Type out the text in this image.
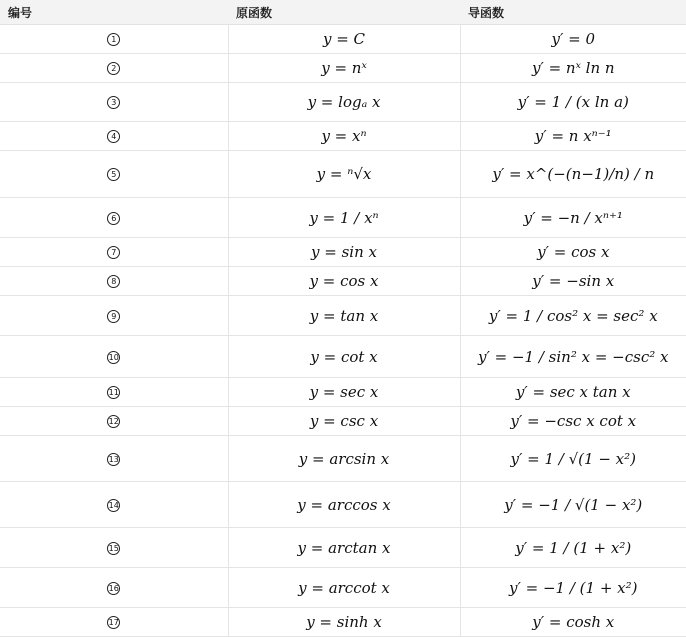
编号	原函数	导函数
1	y = C	y′ = 0
2	y = nˣ	y′ = nˣ ln n
3	y = logₐ x	y′ = 1 / (x ln a)
4	y = xⁿ	y′ = n xⁿ⁻¹
5	y = ⁿ√x	y′ = x^(−(n−1)/n) / n
6	y = 1 / xⁿ	y′ = −n / xⁿ⁺¹
7	y = sin x	y′ = cos x
8	y = cos x	y′ = −sin x
9	y = tan x	y′ = 1 / cos² x = sec² x
10	y = cot x	y′ = −1 / sin² x = −csc² x
11	y = sec x	y′ = sec x tan x
12	y = csc x	y′ = −csc x cot x
13	y = arcsin x	y′ = 1 / √(1 − x²)
14	y = arccos x	y′ = −1 / √(1 − x²)
15	y = arctan x	y′ = 1 / (1 + x²)
16	y = arccot x	y′ = −1 / (1 + x²)
17	y = sinh x	y′ = cosh x
